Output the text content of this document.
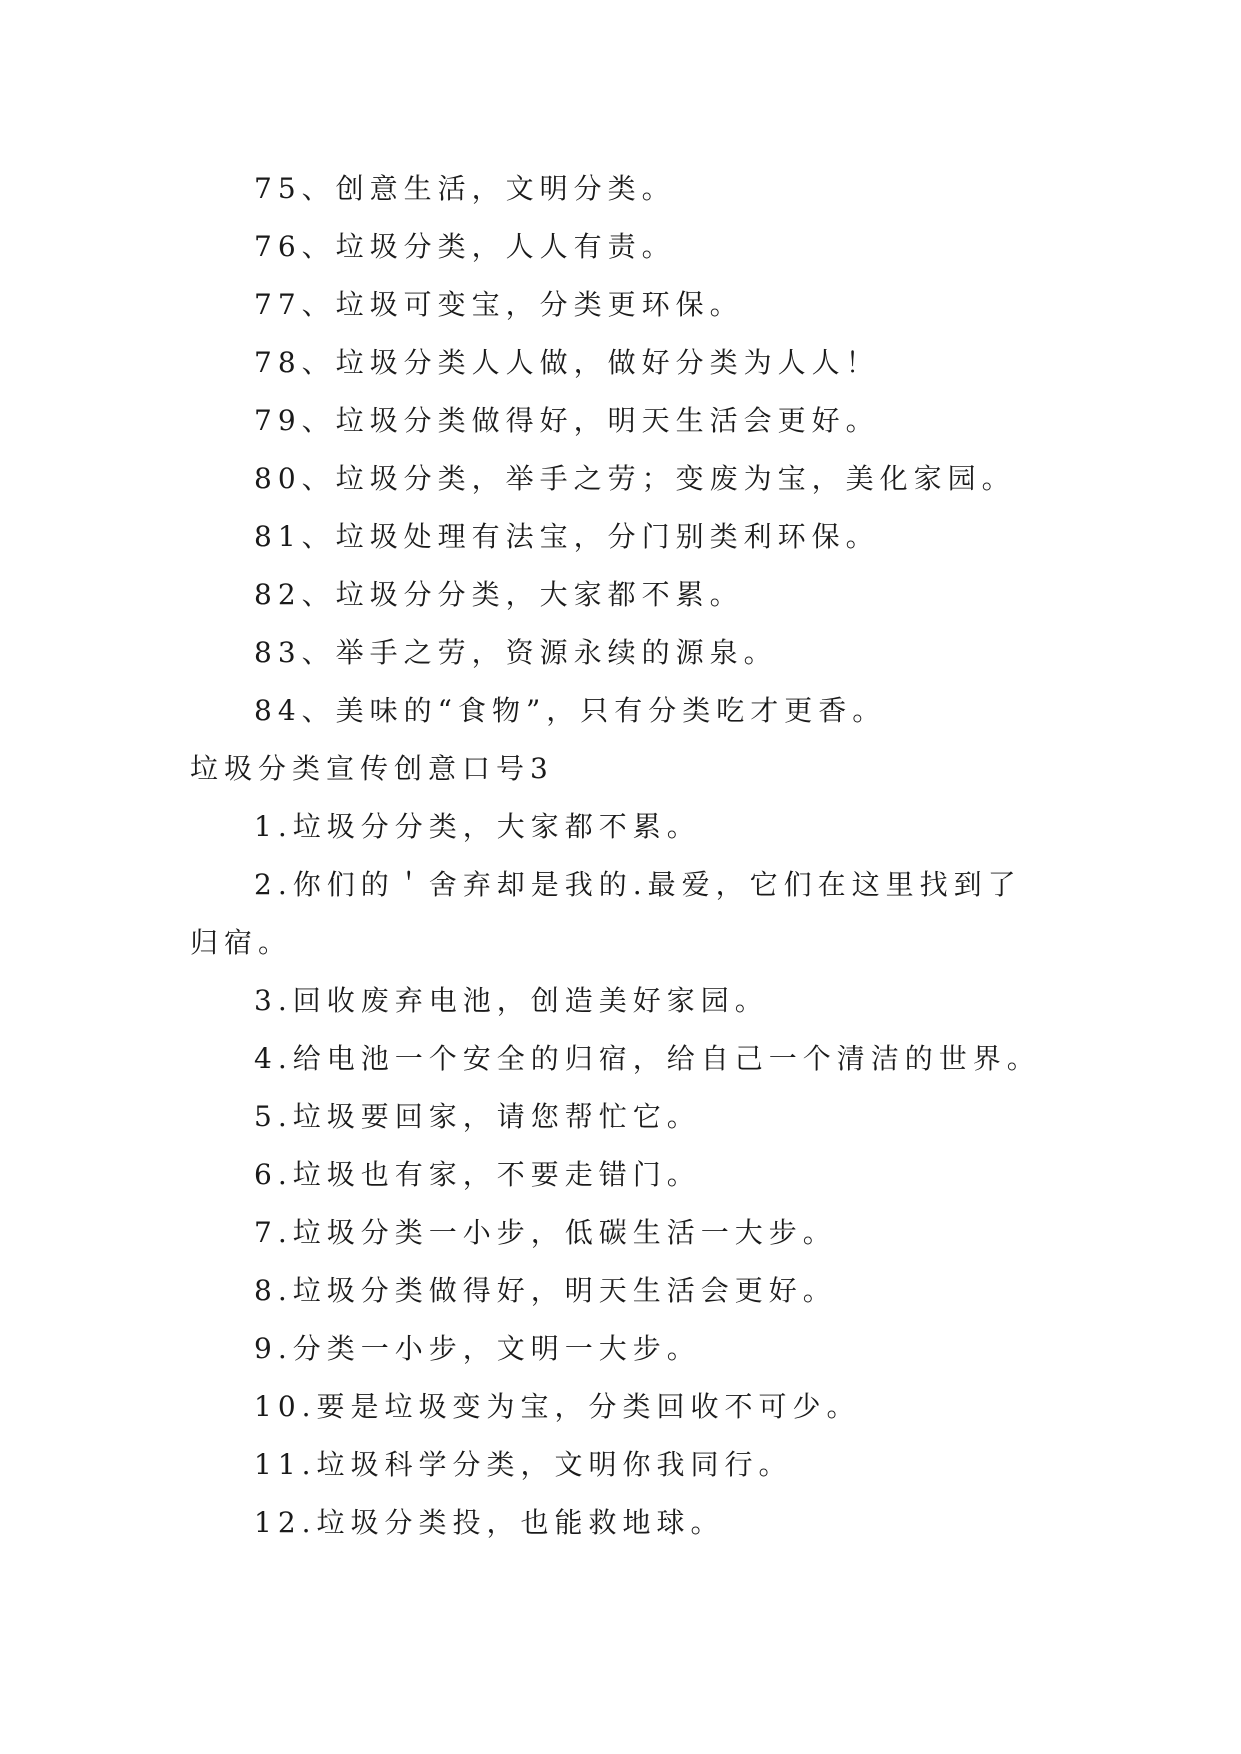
75、创意生活，文明分类。

76、垃圾分类，人人有责。

77、垃圾可变宝，分类更环保。

78、垃圾分类人人做，做好分类为人人！

79、垃圾分类做得好，明天生活会更好。

80、垃圾分类，举手之劳；变废为宝，美化家园。

81、垃圾处理有法宝，分门别类利环保。

82、垃圾分分类，大家都不累。

83、举手之劳，资源永续的源泉。

84、美味的“食物”，只有分类吃才更香。

垃圾分类宣传创意口号3

1.垃圾分分类，大家都不累。

2.你们的＇舍弃却是我的.最爱，它们在这里找到了归宿。

3.回收废弃电池，创造美好家园。

4.给电池一个安全的归宿，给自己一个清洁的世界。

5.垃圾要回家，请您帮忙它。

6.垃圾也有家，不要走错门。

7.垃圾分类一小步，低碳生活一大步。

8.垃圾分类做得好，明天生活会更好。

9.分类一小步，文明一大步。

10.要是垃圾变为宝，分类回收不可少。

11.垃圾科学分类，文明你我同行。

12.垃圾分类投，也能救地球。
